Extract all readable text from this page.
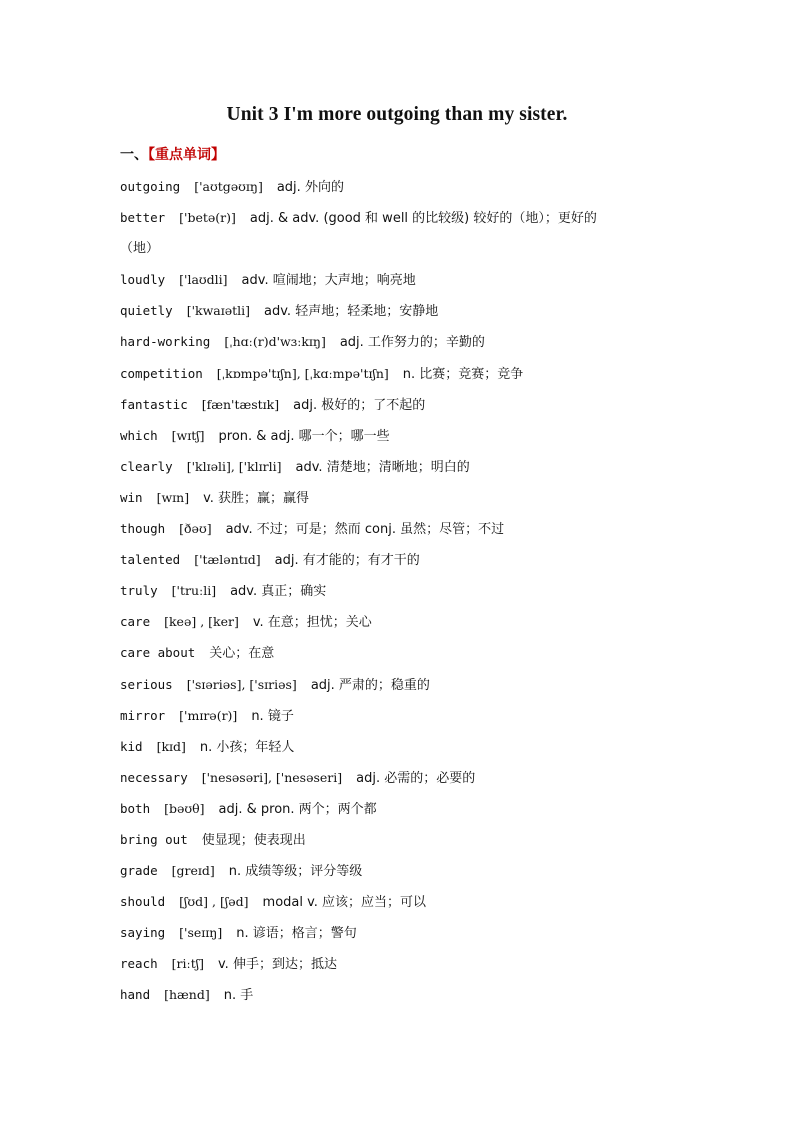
Unit 3 I'm more outgoing than my sister.
一、【重点单词】
outgoing ['aʊtgəʊɪŋ] adj. 外向的
better ['betə(r)] adj. & adv. (good 和 well 的比较级) 较好的（地）；更好的
（地）
loudly ['laʊdli] adv. 喧闹地；大声地；响亮地
quietly ['kwaɪətli] adv. 轻声地；轻柔地；安静地
hard-working [ˌhɑː(r)d'wɜːkɪŋ] adj. 工作努力的；辛勤的
competition [ˌkɒmpə'tɪʃn], [ˌkɑːmpə'tɪʃn] n. 比赛；竞赛；竞争
fantastic [fæn'tæstɪk] adj. 极好的；了不起的
which [wɪtʃ] pron. & adj. 哪一个；哪一些
clearly ['klɪəli], ['klɪrli] adv. 清楚地；清晰地；明白的
win [wɪn] v. 获胜；赢；赢得
though [ðəʊ] adv. 不过；可是；然而 conj. 虽然；尽管；不过
talented ['tæləntɪd] adj. 有才能的；有才干的
truly ['truːli] adv. 真正；确实
care [keə] , [ker] v. 在意；担忧；关心
care about 关心；在意
serious ['sɪəriəs], ['sɪriəs] adj. 严肃的；稳重的
mirror ['mɪrə(r)] n. 镜子
kid [kɪd] n. 小孩；年轻人
necessary ['nesəsəri], ['nesəseri] adj. 必需的；必要的
both [bəʊθ] adj. & pron. 两个；两个都
bring out 使显现；使表现出
grade [greɪd] n. 成绩等级；评分等级
should [ʃʊd] , [ʃəd] modal v. 应该；应当；可以
saying ['seɪɪŋ] n. 谚语；格言；警句
reach [riːtʃ] v. 伸手；到达；抵达
hand [hænd] n. 手
